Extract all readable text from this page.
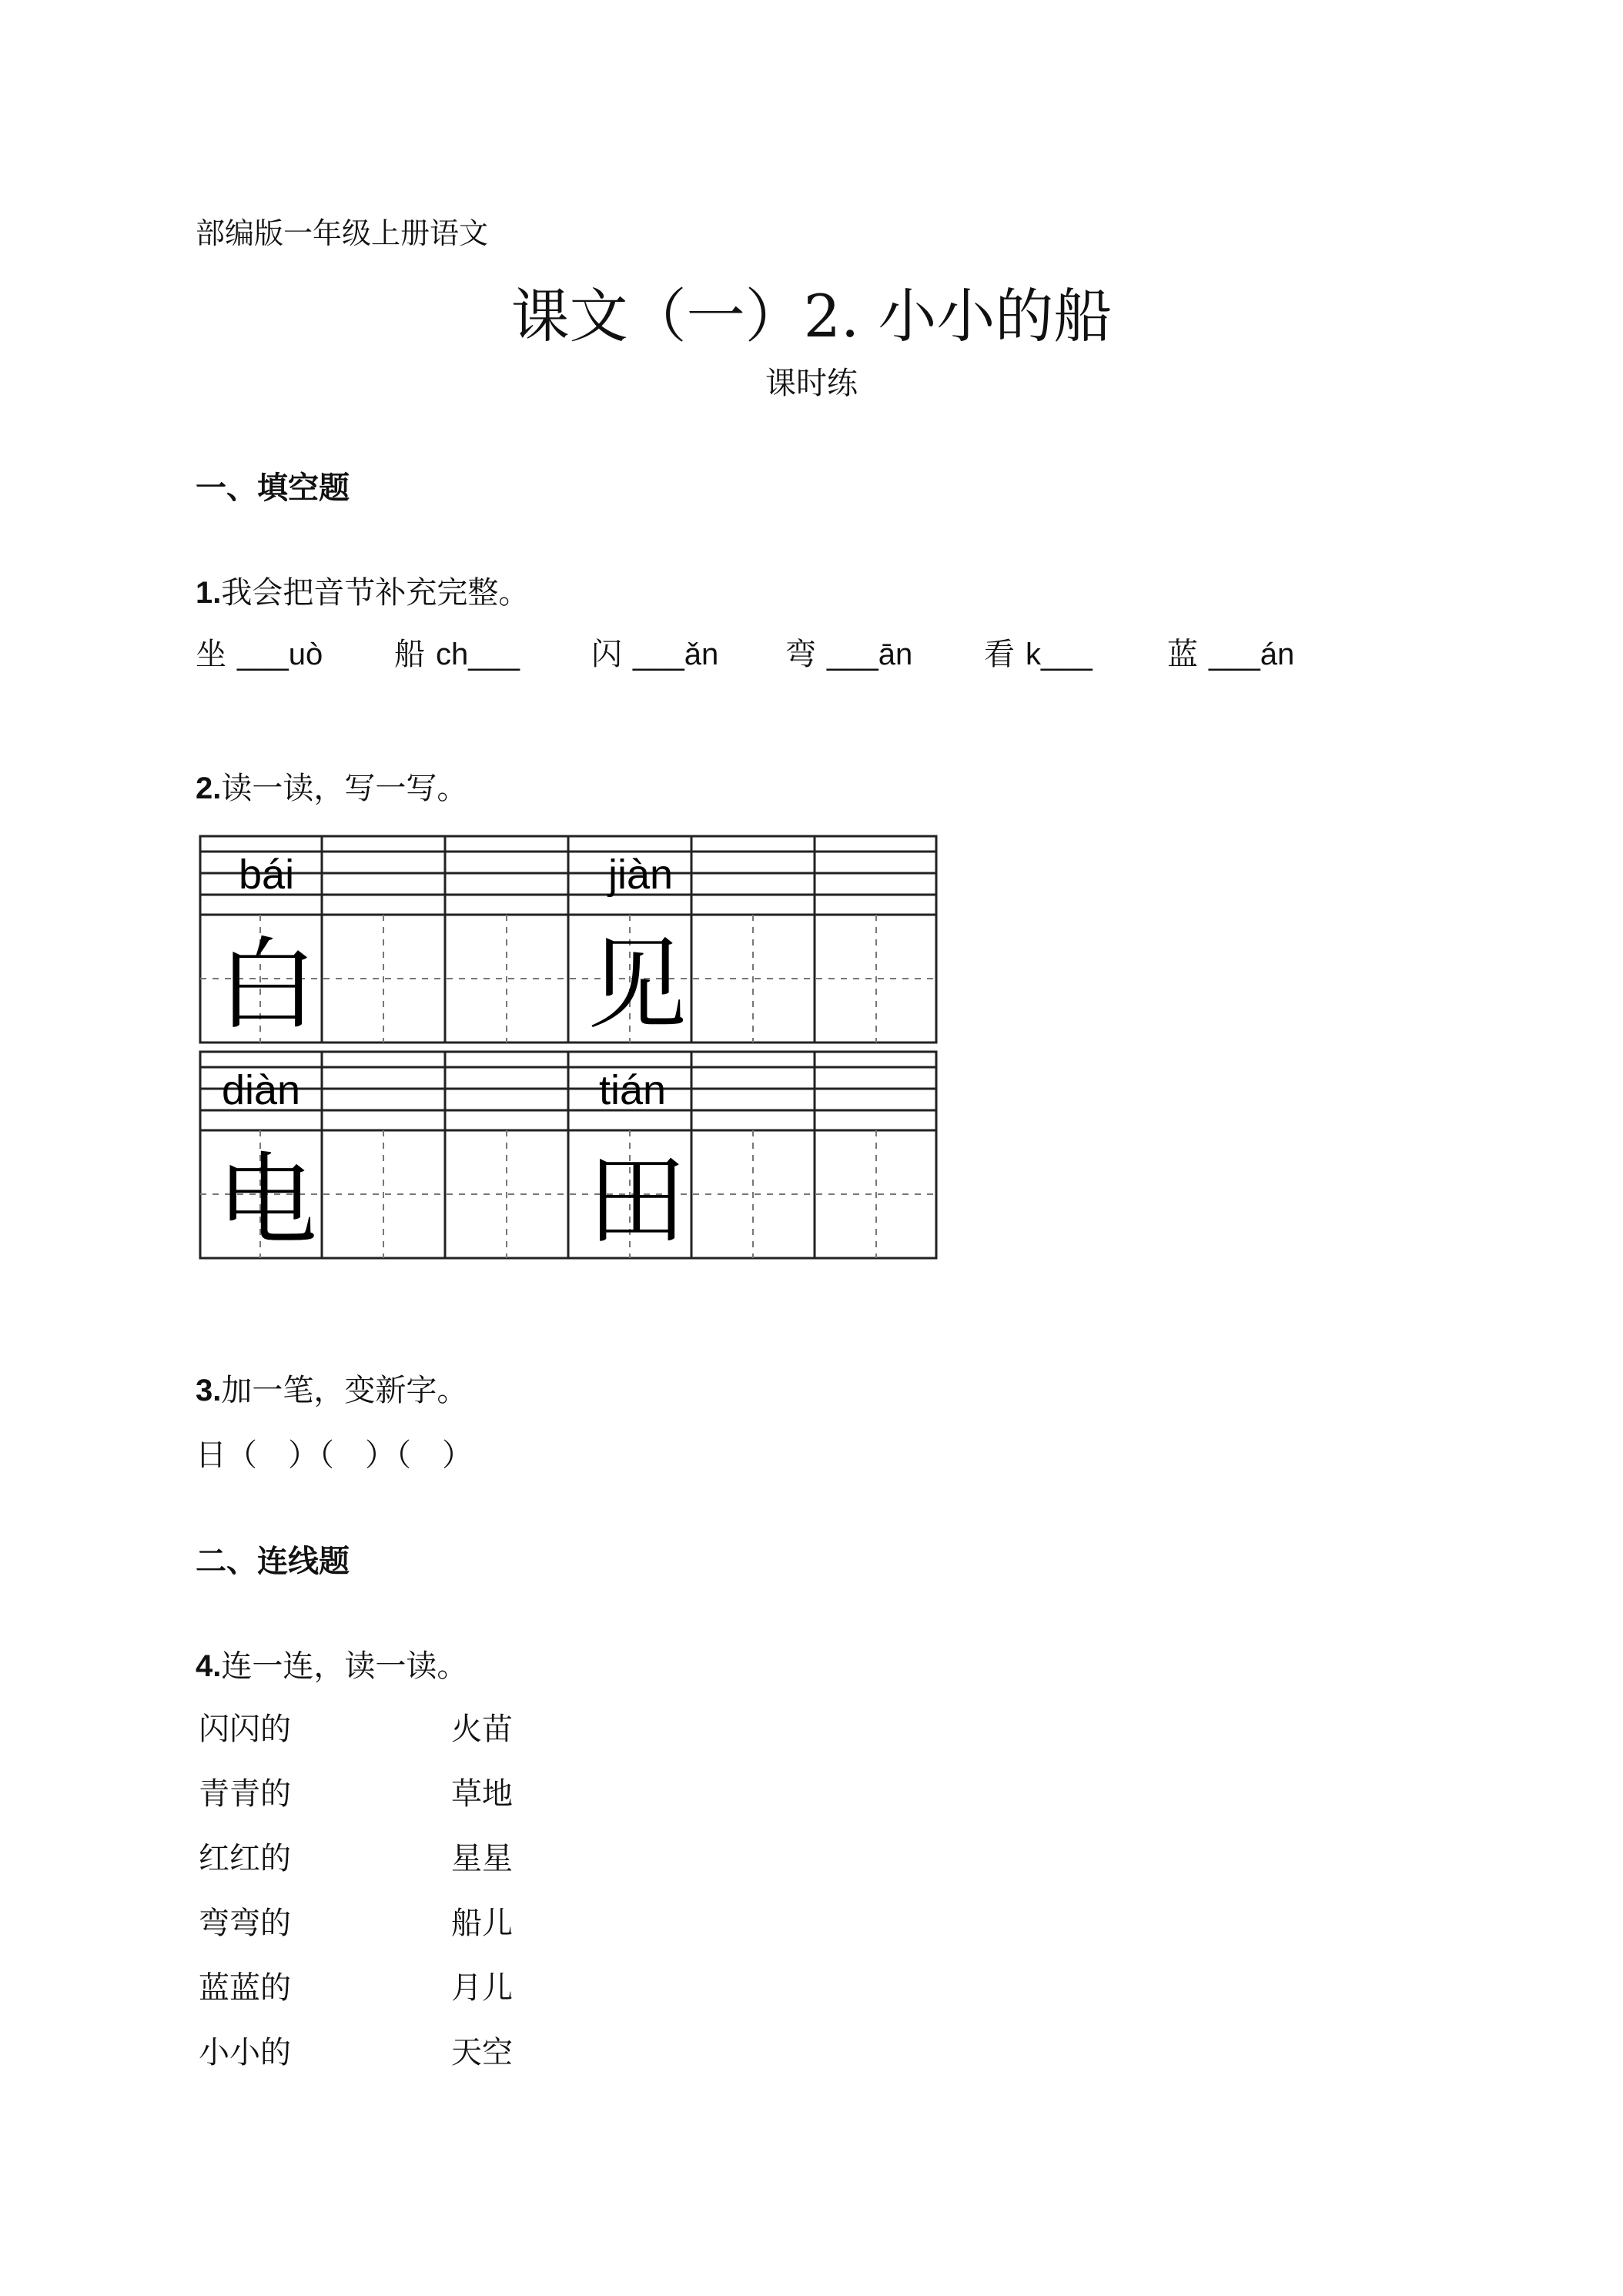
部编版一年级上册语文
课文（一）2. 小小的船
课时练
一、填空题
1.我会把音节补充完整。
坐 ___uò 船 ch___ 闪 ___ǎn 弯 ___ān 看 k___ 蓝 ___án
2.读一读，写一写。
bái
白
jiàn
见
diàn
电
tián
田
3.加一笔，变新字。
日（　）（　）（　）
二、连线题
4.连一连，读一读。
闪闪的	火苗
青青的	草地
红红的	星星
弯弯的	船儿
蓝蓝的	月儿
小小的	天空
